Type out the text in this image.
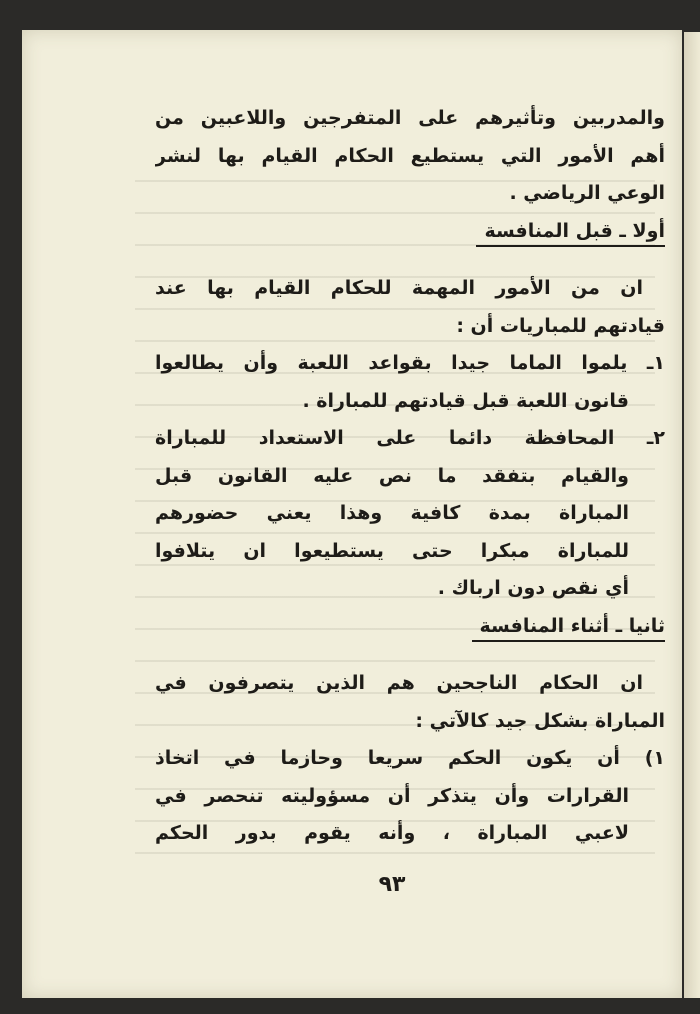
والمدربين وتأثيرهم على المتفرجين واللاعبين من
أهم الأمور التي يستطيع الحكام القيام بها لنشر
الوعي الرياضي .
أولا ـ قبل المنافسة
ان من الأمور المهمة للحكام القيام بها عند
قيادتهم للمباريات أن :
١ـ يلموا الماما جيدا بقواعد اللعبة وأن يطالعوا
قانون اللعبة قبل قيادتهم للمباراة .
٢ـ المحافظة دائما على الاستعداد للمباراة
والقيام بتفقد ما نص عليه القانون قبل
المباراة بمدة كافية وهذا يعني حضورهم
للمباراة مبكرا حتى يستطيعوا ان يتلافوا
أي نقص دون ارباك .
ثانيا ـ أثناء المنافسة
ان الحكام الناجحين هم الذين يتصرفون في
المباراة بشكل جيد كالآتي :
١) أن يكون الحكم سريعا وحازما في اتخاذ
القرارات وأن يتذكر أن مسؤوليته تنحصر في
لاعبي المباراة ، وأنه يقوم بدور الحكم
٩٣
